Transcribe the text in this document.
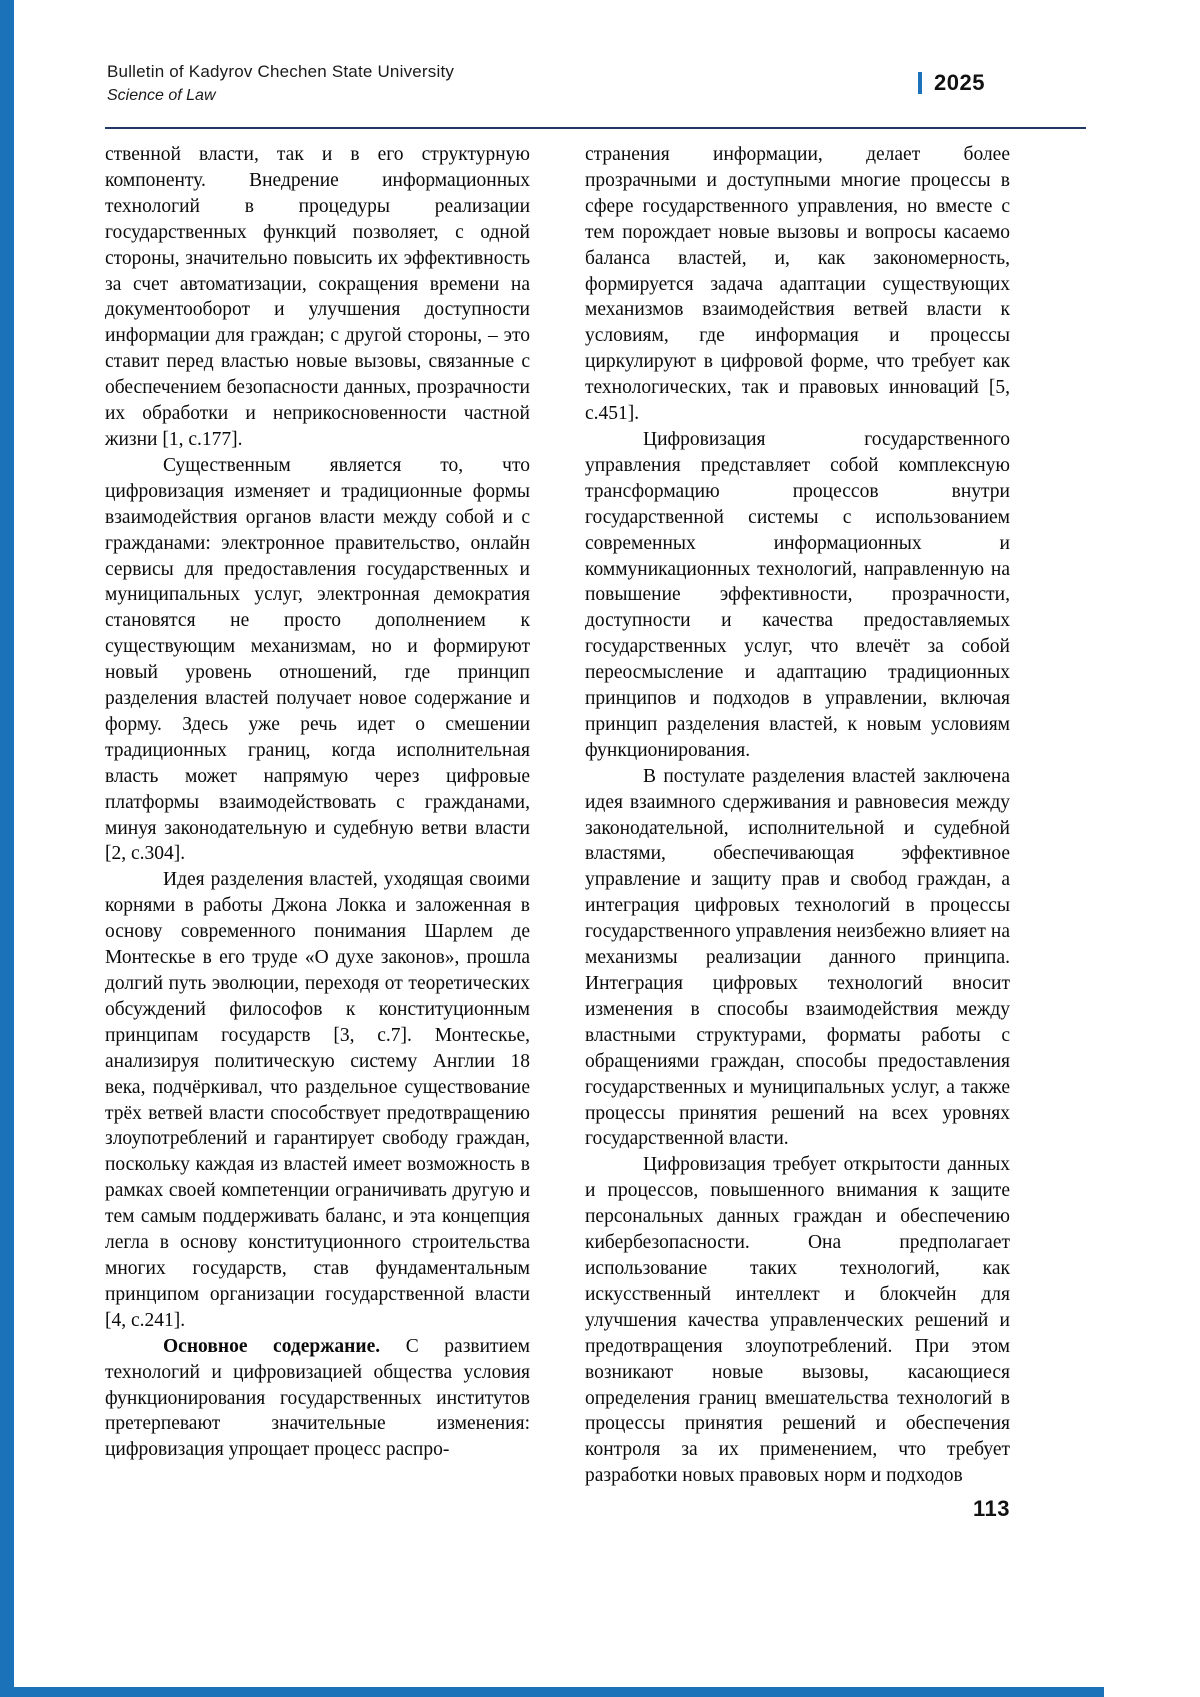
Bulletin of Kadyrov Chechen State University
Science of Law
2025

ственной власти, так и в его структурную компоненту. Внедрение информационных технологий в процедуры реализации государственных функций позволяет, с одной стороны, значительно повысить их эффективность за счет автоматизации, сокращения времени на документооборот и улучшения доступности информации для граждан; с другой стороны, – это ставит перед властью новые вызовы, связанные с обеспечением безопасности данных, прозрачности их обработки и неприкосновенности частной жизни [1, с.177].

Существенным является то, что цифровизация изменяет и традиционные формы взаимодействия органов власти между собой и с гражданами: электронное правительство, онлайн сервисы для предоставления государственных и муниципальных услуг, электронная демократия становятся не просто дополнением к существующим механизмам, но и формируют новый уровень отношений, где принцип разделения властей получает новое содержание и форму. Здесь уже речь идет о смешении традиционных границ, когда исполнительная власть может напрямую через цифровые платформы взаимодействовать с гражданами, минуя законодательную и судебную ветви власти [2, с.304].

Идея разделения властей, уходящая своими корнями в работы Джона Локка и заложенная в основу современного понимания Шарлем де Монтескье в его труде «О духе законов», прошла долгий путь эволюции, переходя от теоретических обсуждений философов к конституционным принципам государств [3, с.7]. Монтескье, анализируя политическую систему Англии 18 века, подчёркивал, что раздельное существование трёх ветвей власти способствует предотвращению злоупотреблений и гарантирует свободу граждан, поскольку каждая из властей имеет возможность в рамках своей компетенции ограничивать другую и тем самым поддерживать баланс, и эта концепция легла в основу конституционного строительства многих государств, став фундаментальным принципом организации государственной власти [4, с.241].

Основное содержание. С развитием технологий и цифровизацией общества условия функционирования государственных институтов претерпевают значительные изменения: цифровизация упрощает процесс распро-

странения информации, делает более прозрачными и доступными многие процессы в сфере государственного управления, но вместе с тем порождает новые вызовы и вопросы касаемо баланса властей, и, как закономерность, формируется задача адаптации существующих механизмов взаимодействия ветвей власти к условиям, где информация и процессы циркулируют в цифровой форме, что требует как технологических, так и правовых инноваций [5, с.451].

Цифровизация государственного управления представляет собой комплексную трансформацию процессов внутри государственной системы с использованием современных информационных и коммуникационных технологий, направленную на повышение эффективности, прозрачности, доступности и качества предоставляемых государственных услуг, что влечёт за собой переосмысление и адаптацию традиционных принципов и подходов в управлении, включая принцип разделения властей, к новым условиям функционирования.

В постулате разделения властей заключена идея взаимного сдерживания и равновесия между законодательной, исполнительной и судебной властями, обеспечивающая эффективное управление и защиту прав и свобод граждан, а интеграция цифровых технологий в процессы государственного управления неизбежно влияет на механизмы реализации данного принципа. Интеграция цифровых технологий вносит изменения в способы взаимодействия между властными структурами, форматы работы с обращениями граждан, способы предоставления государственных и муниципальных услуг, а также процессы принятия решений на всех уровнях государственной власти.

Цифровизация требует открытости данных и процессов, повышенного внимания к защите персональных данных граждан и обеспечению кибербезопасности. Она предполагает использование таких технологий, как искусственный интеллект и блокчейн для улучшения качества управленческих решений и предотвращения злоупотреблений. При этом возникают новые вызовы, касающиеся определения границ вмешательства технологий в процессы принятия решений и обеспечения контроля за их применением, что требует разработки новых правовых норм и подходов

113
